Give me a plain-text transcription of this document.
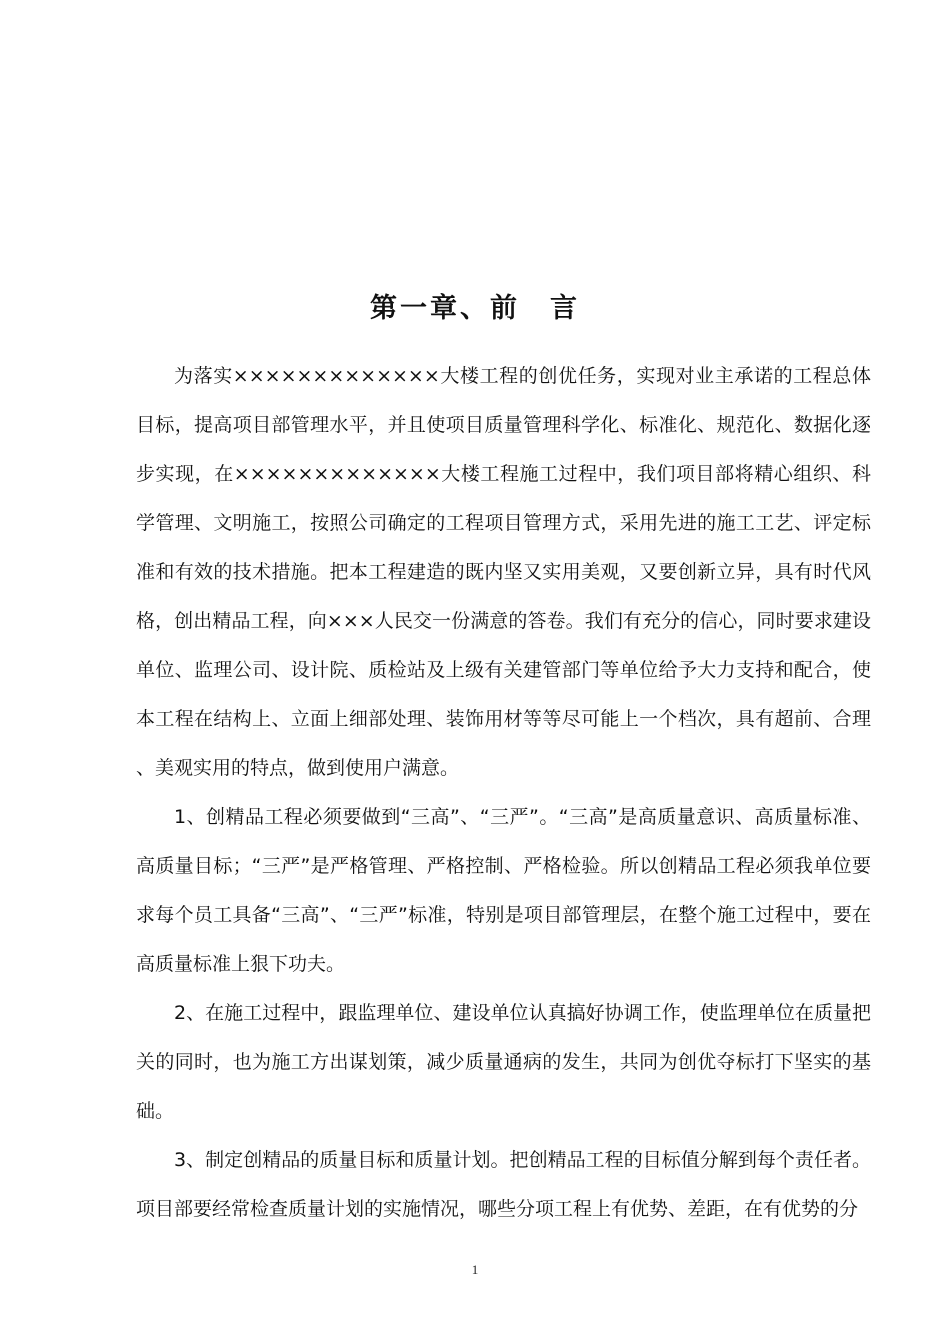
第一章、前 言

为落实×××××××××××××大楼工程的创优任务，实现对业主承诺的工程总体目标，提高项目部管理水平，并且使项目质量管理科学化、标准化、规范化、数据化逐步实现，在×××××××××××××大楼工程施工过程中，我们项目部将精心组织、科学管理、文明施工，按照公司确定的工程项目管理方式，采用先进的施工工艺、评定标准和有效的技术措施。把本工程建造的既内坚又实用美观，又要创新立异，具有时代风格，创出精品工程，向×××人民交一份满意的答卷。我们有充分的信心，同时要求建设单位、监理公司、设计院、质检站及上级有关建管部门等单位给予大力支持和配合，使本工程在结构上、立面上细部处理、装饰用材等等尽可能上一个档次，具有超前、合理、美观实用的特点，做到使用户满意。

1、创精品工程必须要做到“三高”、“三严”。“三高”是高质量意识、高质量标准、高质量目标；“三严”是严格管理、严格控制、严格检验。所以创精品工程必须我单位要求每个员工具备“三高”、“三严”标准，特别是项目部管理层，在整个施工过程中，要在高质量标准上狠下功夫。

2、在施工过程中，跟监理单位、建设单位认真搞好协调工作，使监理单位在质量把关的同时，也为施工方出谋划策，减少质量通病的发生，共同为创优夺标打下坚实的基础。

3、制定创精品的质量目标和质量计划。把创精品工程的目标值分解到每个责任者。项目部要经常检查质量计划的实施情况，哪些分项工程上有优势、差距，在有优势的分

1
